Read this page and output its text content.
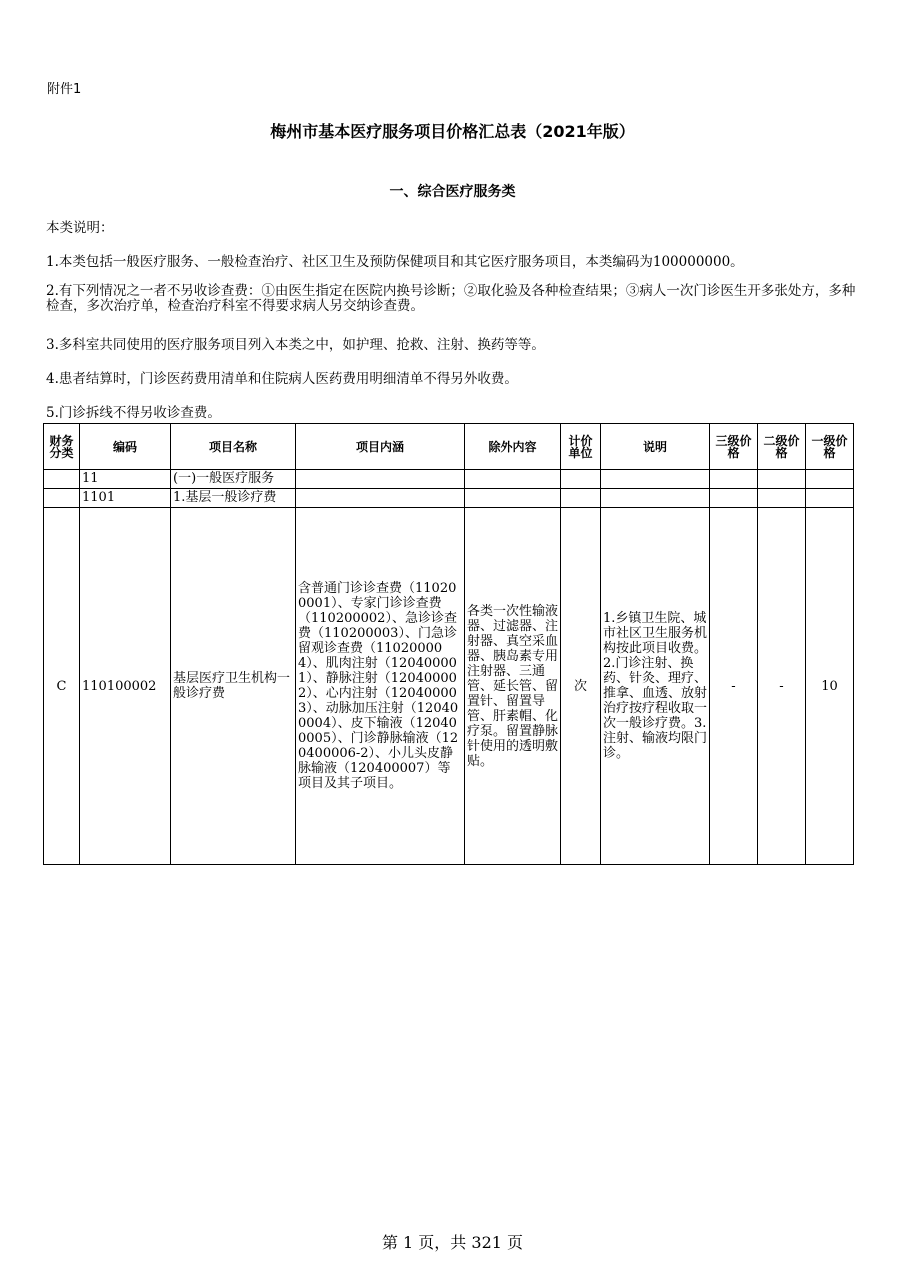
附件1
梅州市基本医疗服务项目价格汇总表（2021年版）
一、综合医疗服务类
本类说明：
1.本类包括一般医疗服务、一般检查治疗、社区卫生及预防保健项目和其它医疗服务项目，本类编码为100000000。
2.有下列情况之一者不另收诊查费：①由医生指定在医院内换号诊断；②取化验及各种检查结果；③病人一次门诊医生开多张处方，多种检查，多次治疗单，检查治疗科室不得要求病人另交纳诊查费。
3.多科室共同使用的医疗服务项目列入本类之中，如护理、抢救、注射、换药等等。
4.患者结算时，门诊医药费用清单和住院病人医药费用明细清单不得另外收费。
5.门诊拆线不得另收诊查费。
财务分类	编码	项目名称	项目内涵	除外内容	计价单位	说明	三级价格	二级价格	一级价格
	11	(一)一般医疗服务							
	1101	1.基层一般诊疗费							
C	110100002	基层医疗卫生机构一般诊疗费	含普通门诊诊查费（110200001）、专家门诊诊查费（110200002）、急诊诊查费（110200003）、门急诊留观诊查费（110200004）、肌肉注射（120400001）、静脉注射（120400002）、心内注射（120400003）、动脉加压注射（120400004）、皮下输液（120400005）、门诊静脉输液（120400006-2）、小儿头皮静脉输液（120400007）等项目及其子项目。	各类一次性输液器、过滤器、注射器、真空采血器、胰岛素专用注射器、三通管、延长管、留置针、留置导管、肝素帽、化疗泵。留置静脉针使用的透明敷贴。	次	1.乡镇卫生院、城市社区卫生服务机构按此项目收费。2.门诊注射、换药、针灸、理疗、推拿、血透、放射治疗按疗程收取一次一般诊疗费。3.注射、输液均限门诊。	-	-	10
第 1 页，共 321 页
